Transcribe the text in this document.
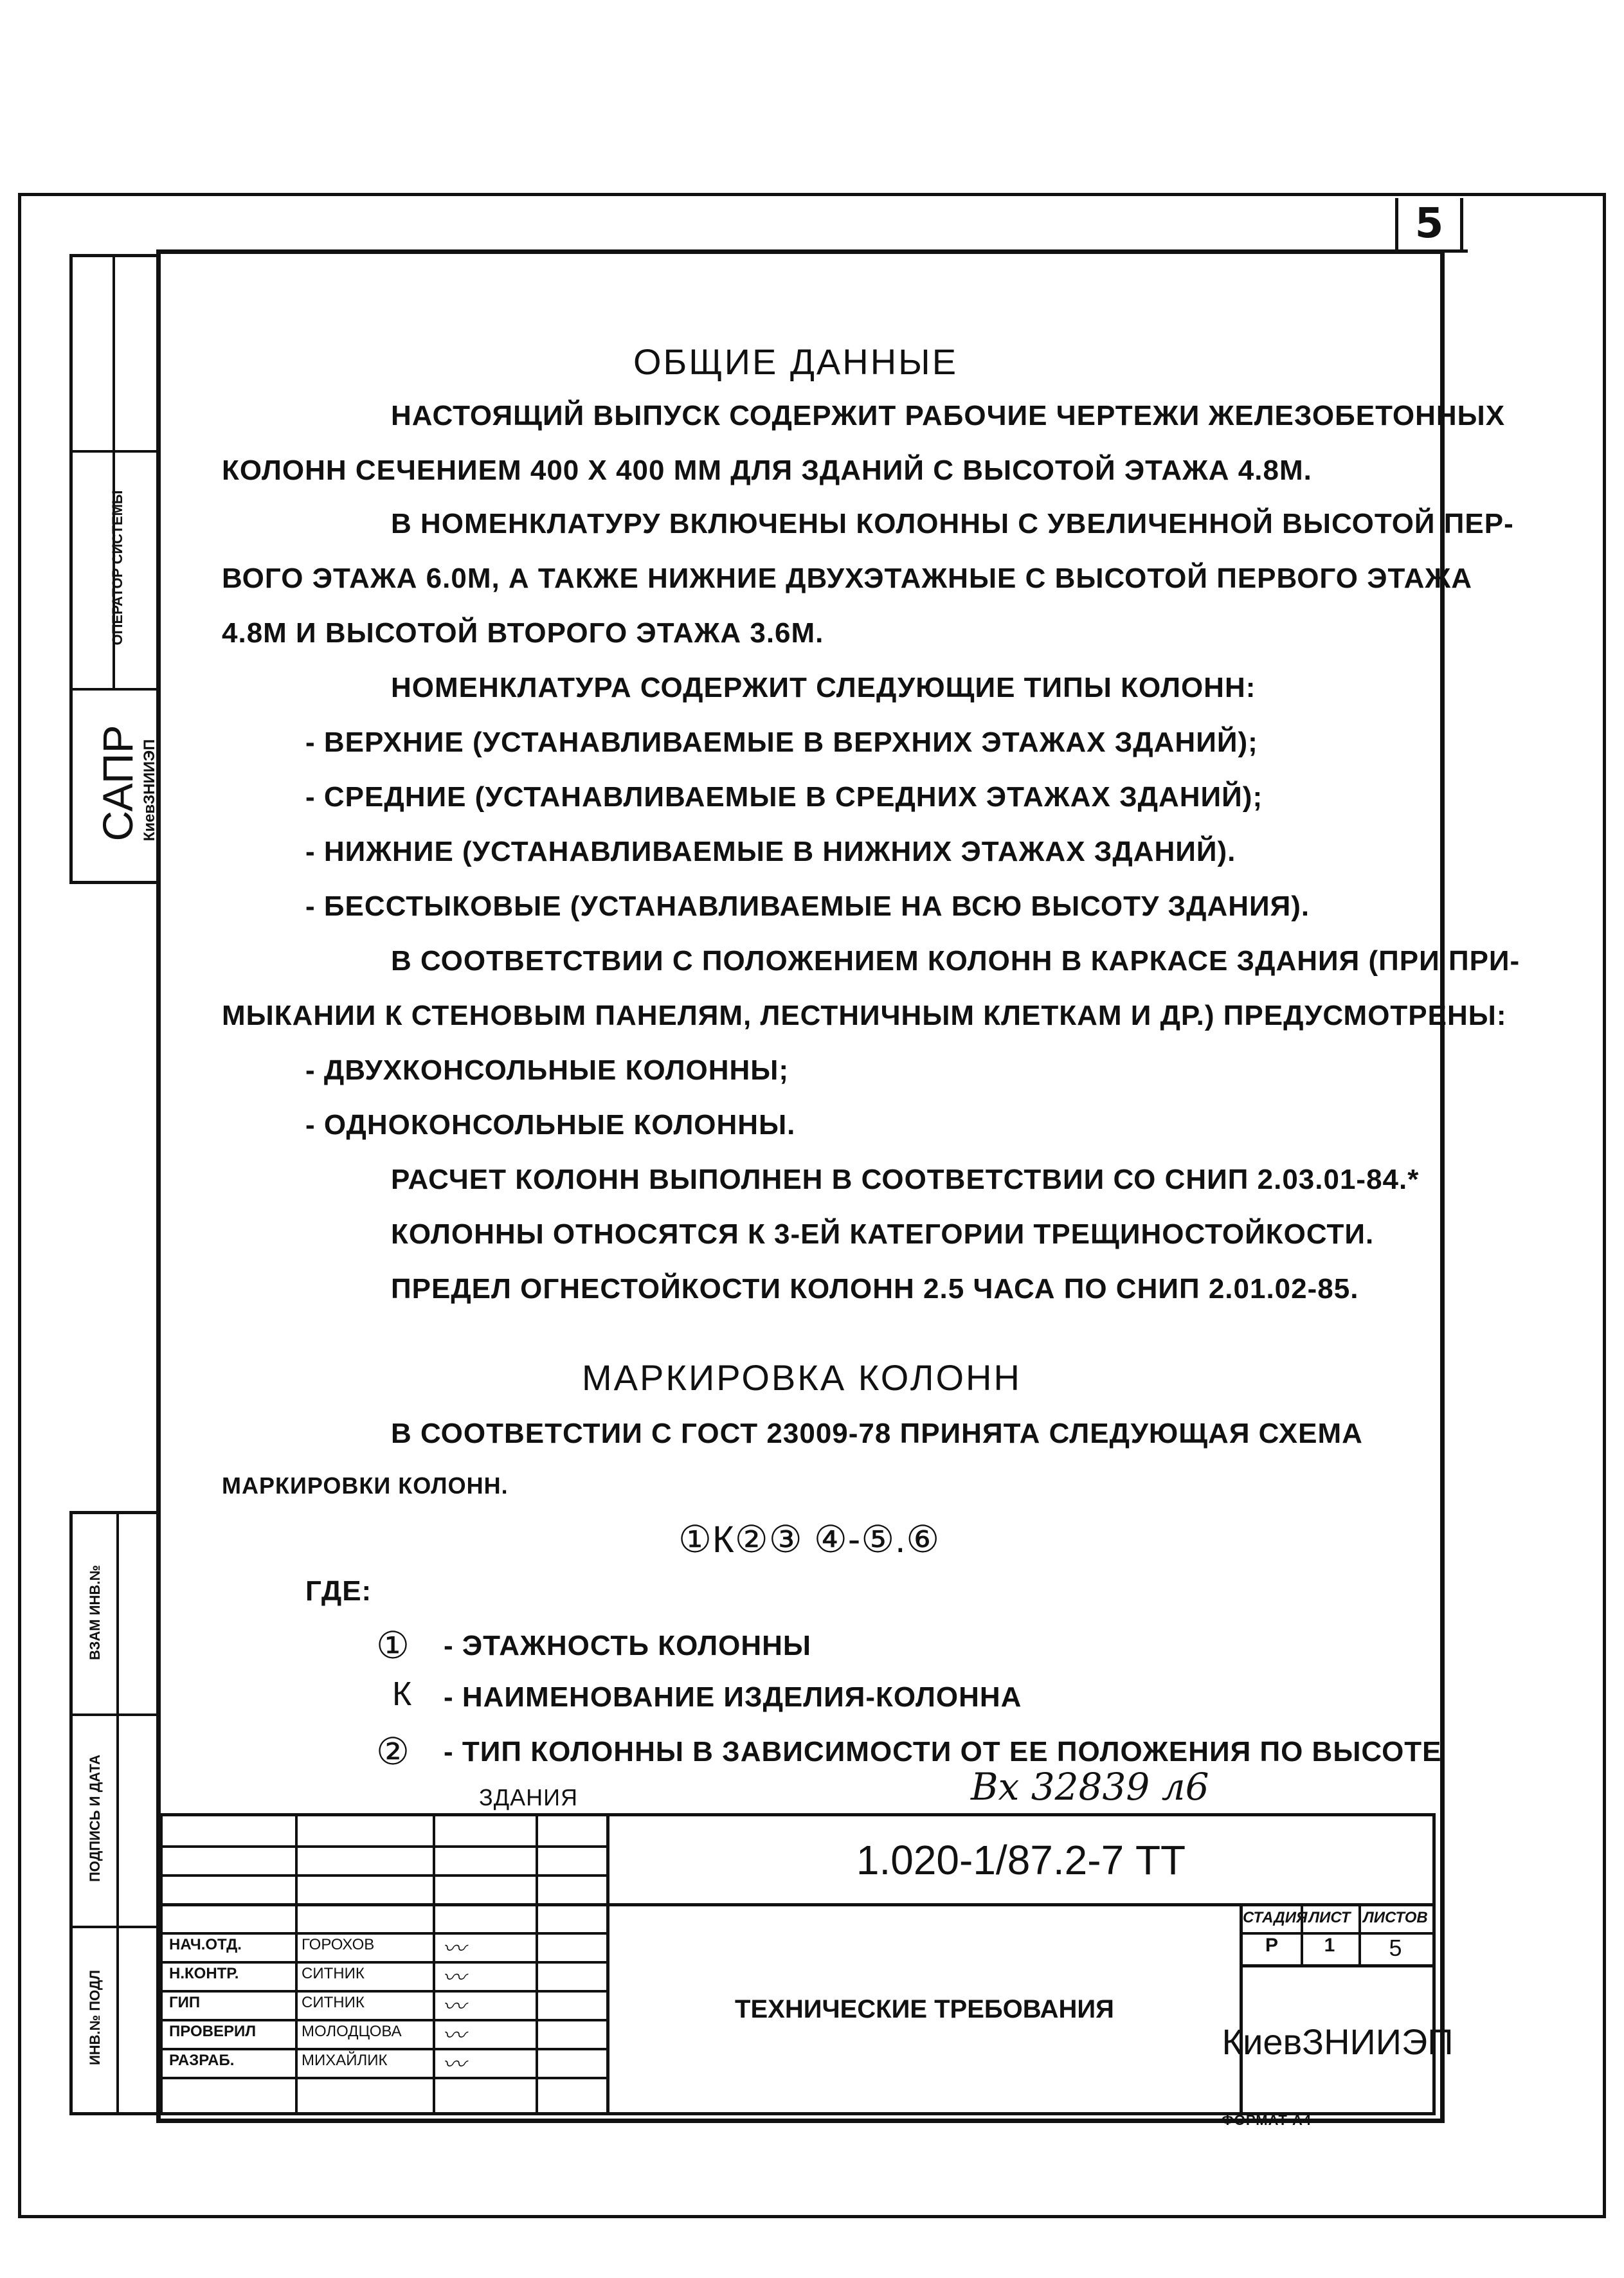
5
ОПЕРАТОР СИСТЕМЫ
САПР КиевЗНИИЭП
ВЗАМ ИНВ.№
ПОДПИСЬ И ДАТА
ИНВ.№ ПОДЛ
ОБЩИЕ ДАННЫЕ
НАСТОЯЩИЙ ВЫПУСК СОДЕРЖИТ РАБОЧИЕ ЧЕРТЕЖИ ЖЕЛЕЗОБЕТОННЫХ
КОЛОНН СЕЧЕНИЕМ 400 X 400 ММ ДЛЯ ЗДАНИЙ С ВЫСОТОЙ ЭТАЖА 4.8М.
В НОМЕНКЛАТУРУ ВКЛЮЧЕНЫ КОЛОННЫ С УВЕЛИЧЕННОЙ ВЫСОТОЙ ПЕР-
ВОГО ЭТАЖА 6.0М, А ТАКЖЕ НИЖНИЕ ДВУХЭТАЖНЫЕ С ВЫСОТОЙ ПЕРВОГО ЭТАЖА
4.8М И ВЫСОТОЙ ВТОРОГО ЭТАЖА 3.6М.
НОМЕНКЛАТУРА СОДЕРЖИТ СЛЕДУЮЩИЕ ТИПЫ КОЛОНН:
- ВЕРХНИЕ (УСТАНАВЛИВАЕМЫЕ В ВЕРХНИХ ЭТАЖАХ ЗДАНИЙ);
- СРЕДНИЕ (УСТАНАВЛИВАЕМЫЕ В СРЕДНИХ ЭТАЖАХ ЗДАНИЙ);
- НИЖНИЕ (УСТАНАВЛИВАЕМЫЕ В НИЖНИХ ЭТАЖАХ ЗДАНИЙ).
- БЕССТЫКОВЫЕ (УСТАНАВЛИВАЕМЫЕ НА ВСЮ ВЫСОТУ ЗДАНИЯ).
В СООТВЕТСТВИИ С ПОЛОЖЕНИЕМ КОЛОНН В КАРКАСЕ ЗДАНИЯ (ПРИ ПРИ-
МЫКАНИИ К СТЕНОВЫМ ПАНЕЛЯМ, ЛЕСТНИЧНЫМ КЛЕТКАМ И ДР.) ПРЕДУСМОТРЕНЫ:
- ДВУХКОНСОЛЬНЫЕ КОЛОННЫ;
- ОДНОКОНСОЛЬНЫЕ КОЛОННЫ.
РАСЧЕТ КОЛОНН ВЫПОЛНЕН В СООТВЕТСТВИИ СО СНИП 2.03.01-84.*
КОЛОННЫ ОТНОСЯТСЯ К 3-ЕЙ КАТЕГОРИИ ТРЕЩИНОСТОЙКОСТИ.
ПРЕДЕЛ ОГНЕСТОЙКОСТИ КОЛОНН 2.5 ЧАСА ПО СНИП 2.01.02-85.
МАРКИРОВКА КОЛОНН
В СООТВЕТСТИИ С ГОСТ 23009-78 ПРИНЯТА СЛЕДУЮЩАЯ СХЕМА
МАРКИРОВКИ КОЛОНН.
①К②③ ④-⑤.⑥
ГДЕ:
① - ЭТАЖНОСТЬ КОЛОННЫ
К - НАИМЕНОВАНИЕ ИЗДЕЛИЯ-КОЛОННА
② - ТИП КОЛОННЫ В ЗАВИСИМОСТИ ОТ ЕЕ ПОЛОЖЕНИЯ ПО ВЫСОТЕ
ЗДАНИЯ	Вх 32839 л6
НАЧ.ОТД.	ГОРОХОВ
Н.КОНТР.	СИТНИК
ГИП	СИТНИК
ПРОВЕРИЛ	МОЛОДЦОВА
РАЗРАБ.	МИХАЙЛИК
〰
〰
〰
〰
〰
1.020-1/87.2-7 ТТ
ТЕХНИЧЕСКИЕ ТРЕБОВАНИЯ
СТАДИЯ ЛИСТ ЛИСТОВ
Р	1	5
КиевЗНИИЭП
ФОРМАТ А4
